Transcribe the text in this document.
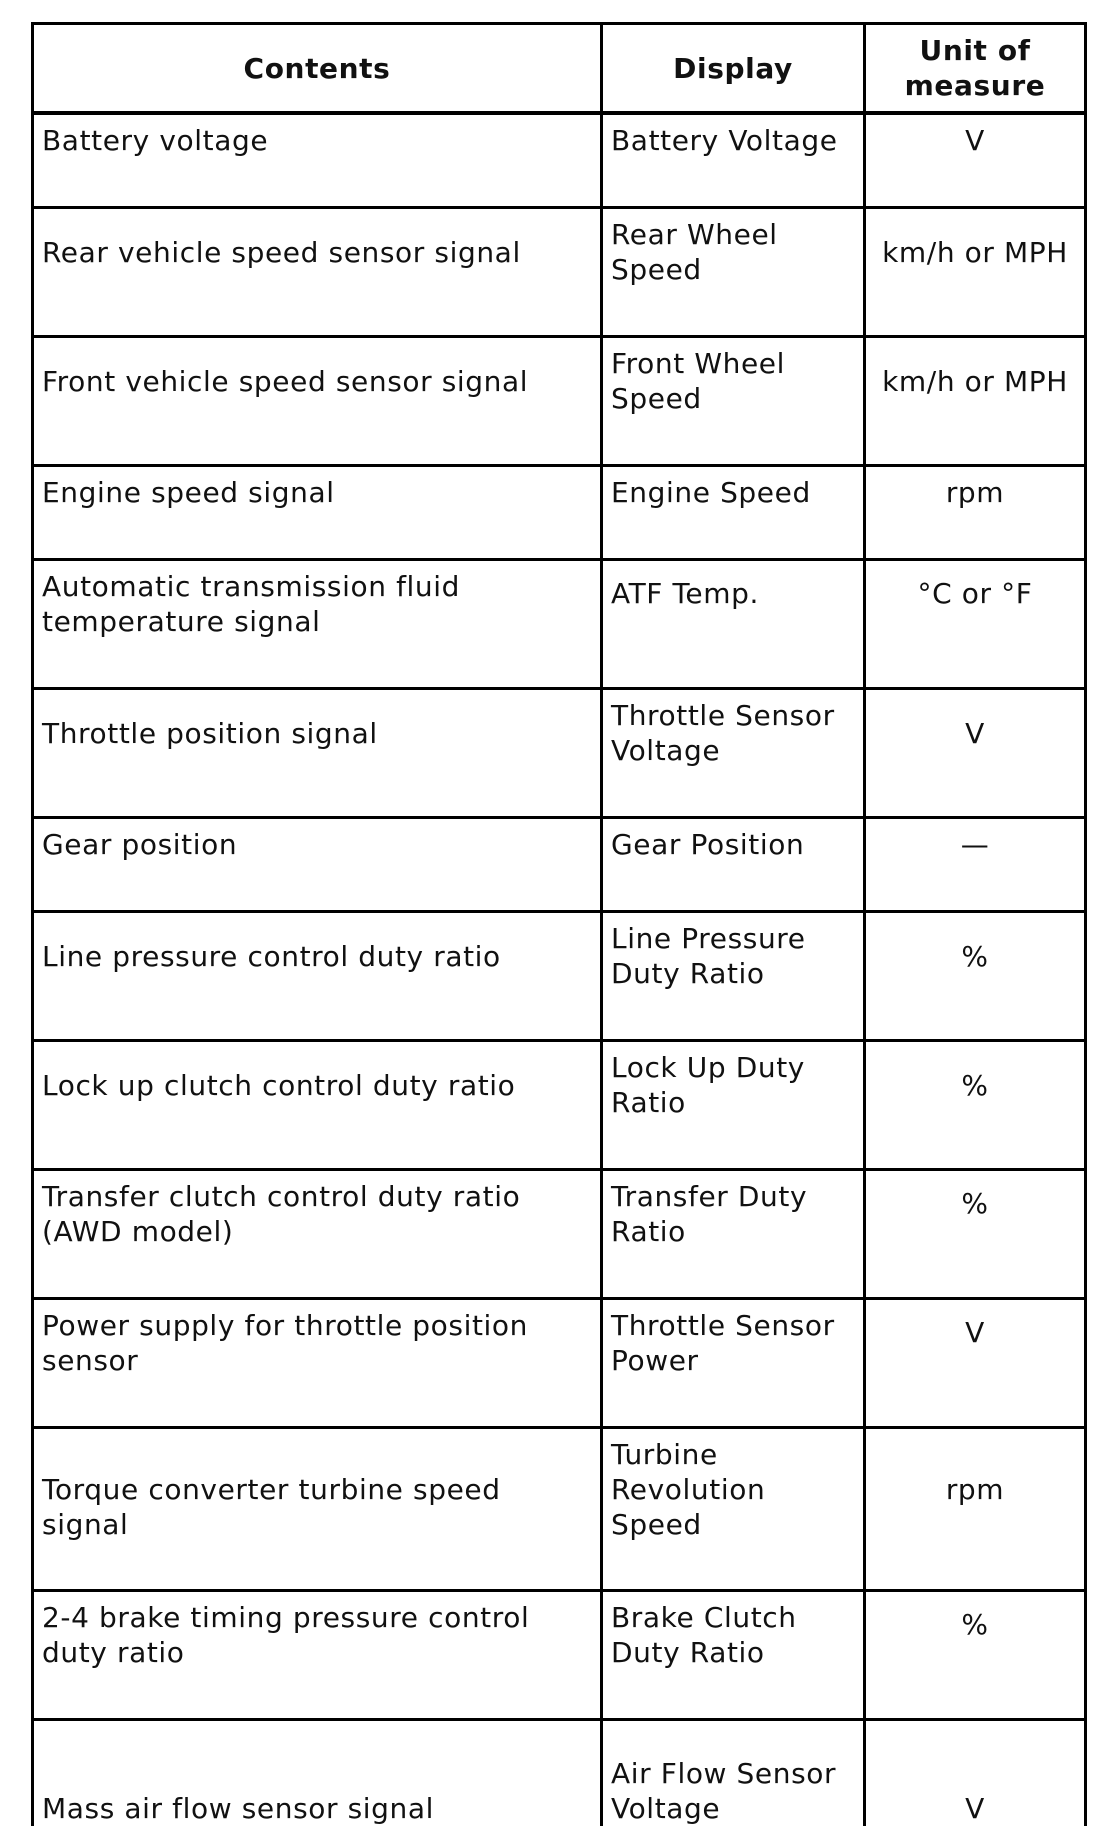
Contents	Display	Unit of measure

Battery voltage	Battery Voltage	V

Rear vehicle speed sensor signal	Rear Wheel Speed	km/h or MPH

Front vehicle speed sensor signal	Front Wheel Speed	km/h or MPH

Engine speed signal	Engine Speed	rpm

Automatic transmission fluid temperature signal	ATF Temp.	°C or °F

Throttle position signal	Throttle Sensor Voltage	V

Gear position	Gear Position	—

Line pressure control duty ratio	Line Pressure Duty Ratio	%

Lock up clutch control duty ratio	Lock Up Duty Ratio	%

Transfer clutch control duty ratio (AWD model)	Transfer Duty Ratio	%

Power supply for throttle position sensor	Throttle Sensor Power	V

Torque converter turbine speed signal	Turbine Revolution Speed	rpm

2-4 brake timing pressure control duty ratio	Brake Clutch Duty Ratio	%

Mass air flow sensor signal	Air Flow Sensor Voltage	V
